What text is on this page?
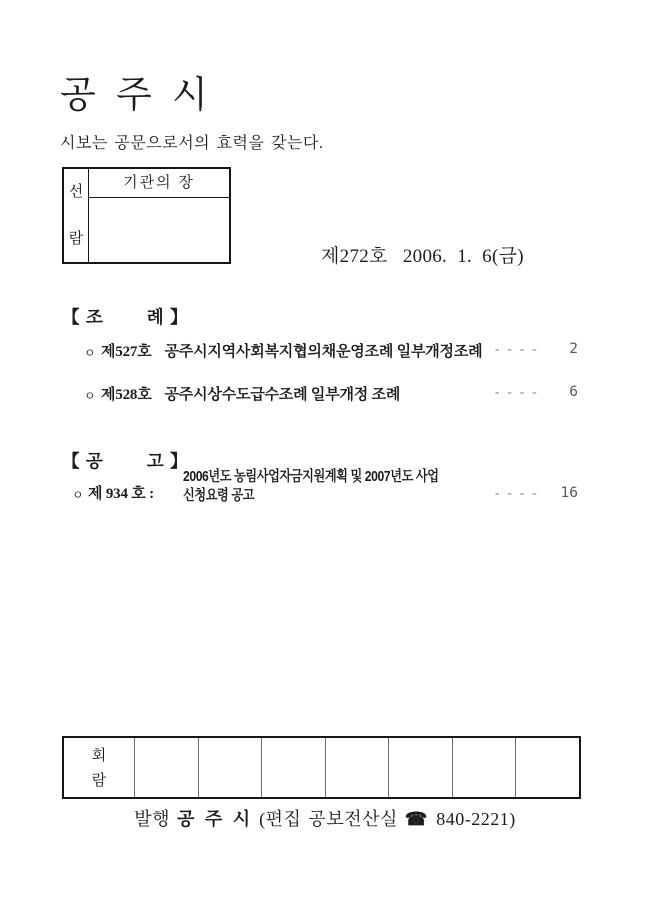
공 주 시
시보는 공문으로서의 효력을 갖는다.
선
람
기관의 장
제272호   2006.  1.  6(금)
【 조        례 】
ㅇ 제527호 공주시지역사회복지협의채운영조례 일부개정조례 ----	2
ㅇ 제528호 공주시상수도급수조례 일부개정 조례	----	6
【 공        고 】
ㅇ 제 934 호 :
2006년도 농림사업자금지원계획 및 2007년도 사업
신청요령 공고	----	16
회
람
발행 공 주 시 (편집 공보전산실 ☎ 840-2221)
